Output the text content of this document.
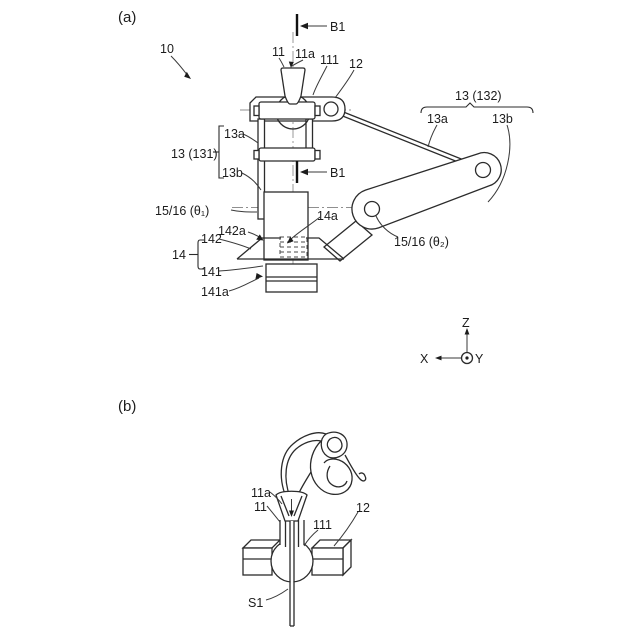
(a)
10
B1
B1
11 11a 111 12
13 (131)
13a
13b
15/16 (θ₁)
142a
142
14
141
141a
14a
15/16 (θ₂)
13 (132)
13a	13b
X	Y
Z
(b)
11a
11
111
12
S1
